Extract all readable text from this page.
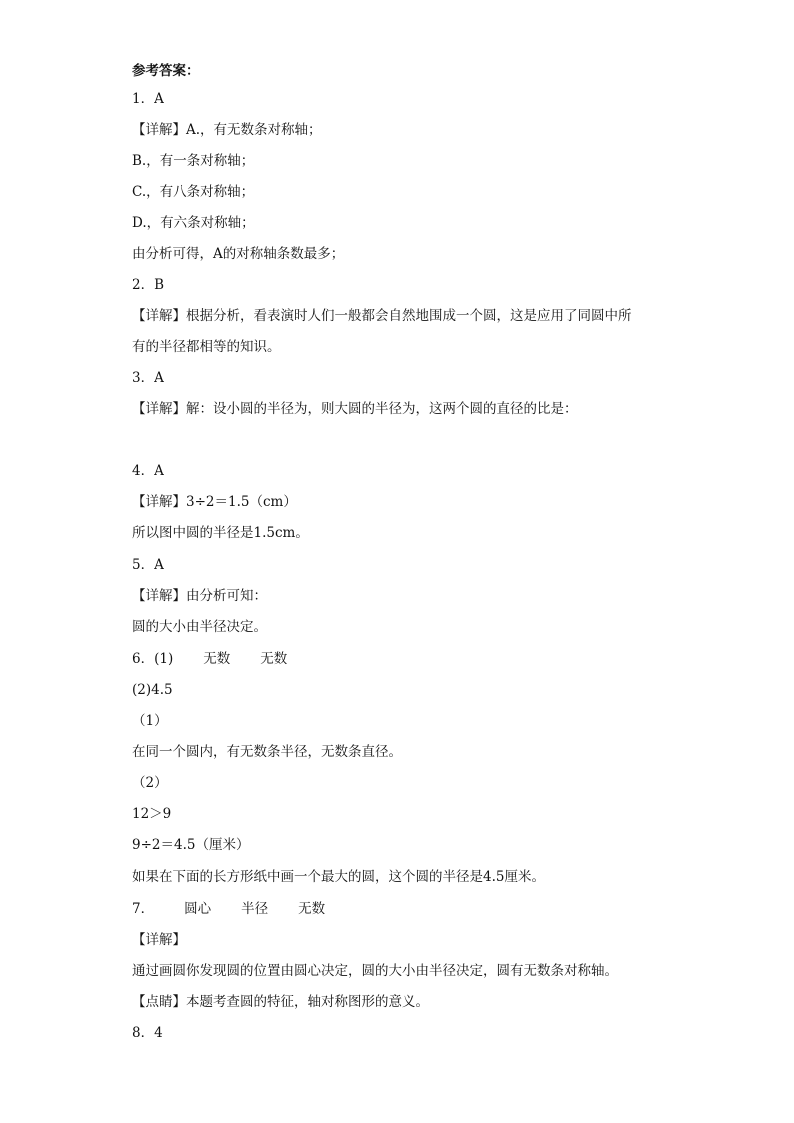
参考答案：
1．A
【详解】A.，有无数条对称轴；
B.，有一条对称轴；
C.，有八条对称轴；
D.，有六条对称轴；
由分析可得，A的对称轴条数最多；
2．B
【详解】根据分析，看表演时人们一般都会自然地围成一个圆，这是应用了同圆中所
有的半径都相等的知识。
3．A
【详解】解：设小圆的半径为，则大圆的半径为，这两个圆的直径的比是：
4．A
【详解】3÷2＝1.5（cm）
所以图中圆的半径是1.5cm。
5．A
【详解】由分析可知：
圆的大小由半径决定。
6．(1) 无数 无数
(2)4.5
（1）
在同一个圆内，有无数条半径，无数条直径。
（2）
12＞9
9÷2＝4.5（厘米）
如果在下面的长方形纸中画一个最大的圆，这个圆的半径是4.5厘米。
7． 圆心 半径 无数
【详解】
通过画圆你发现圆的位置由圆心决定，圆的大小由半径决定，圆有无数条对称轴。
【点睛】本题考查圆的特征，轴对称图形的意义。
8．4
